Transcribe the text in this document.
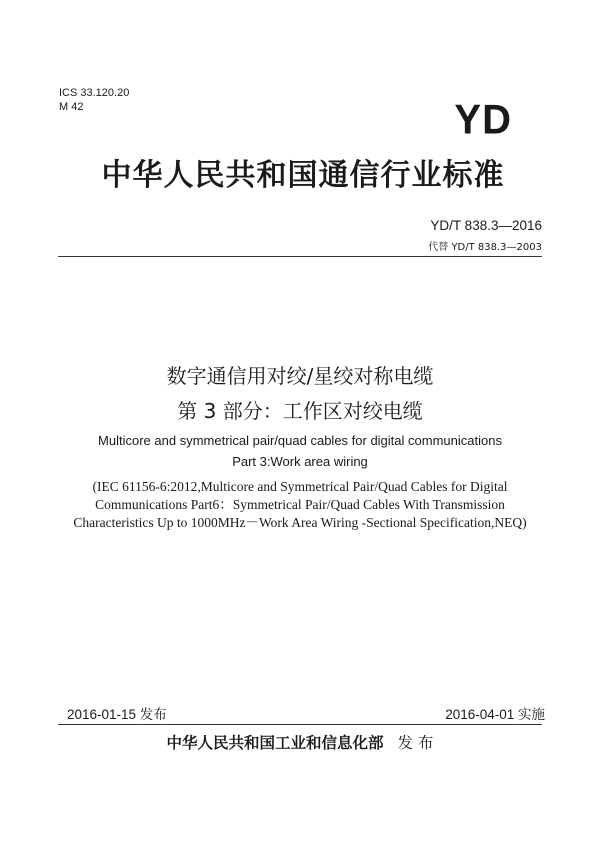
ICS 33.120.20
M 42	YD
中华人民共和国通信行业标准
YD/T 838.3—2016
代替 YD/T 838.3—2003
数字通信用对绞/星绞对称电缆
第 3 部分：工作区对绞电缆
Multicore and symmetrical pair/quad cables for digital communications
Part 3:Work area wiring
(IEC 61156-6:2012,Multicore and Symmetrical Pair/Quad Cables for Digital
Communications Part6：Symmetrical Pair/Quad Cables With Transmission
Characteristics Up to 1000MHz－Work Area Wiring -Sectional Specification,NEQ)
2016-01-15 发布	2016-04-01 实施
中华人民共和国工业和信息化部 发 布
